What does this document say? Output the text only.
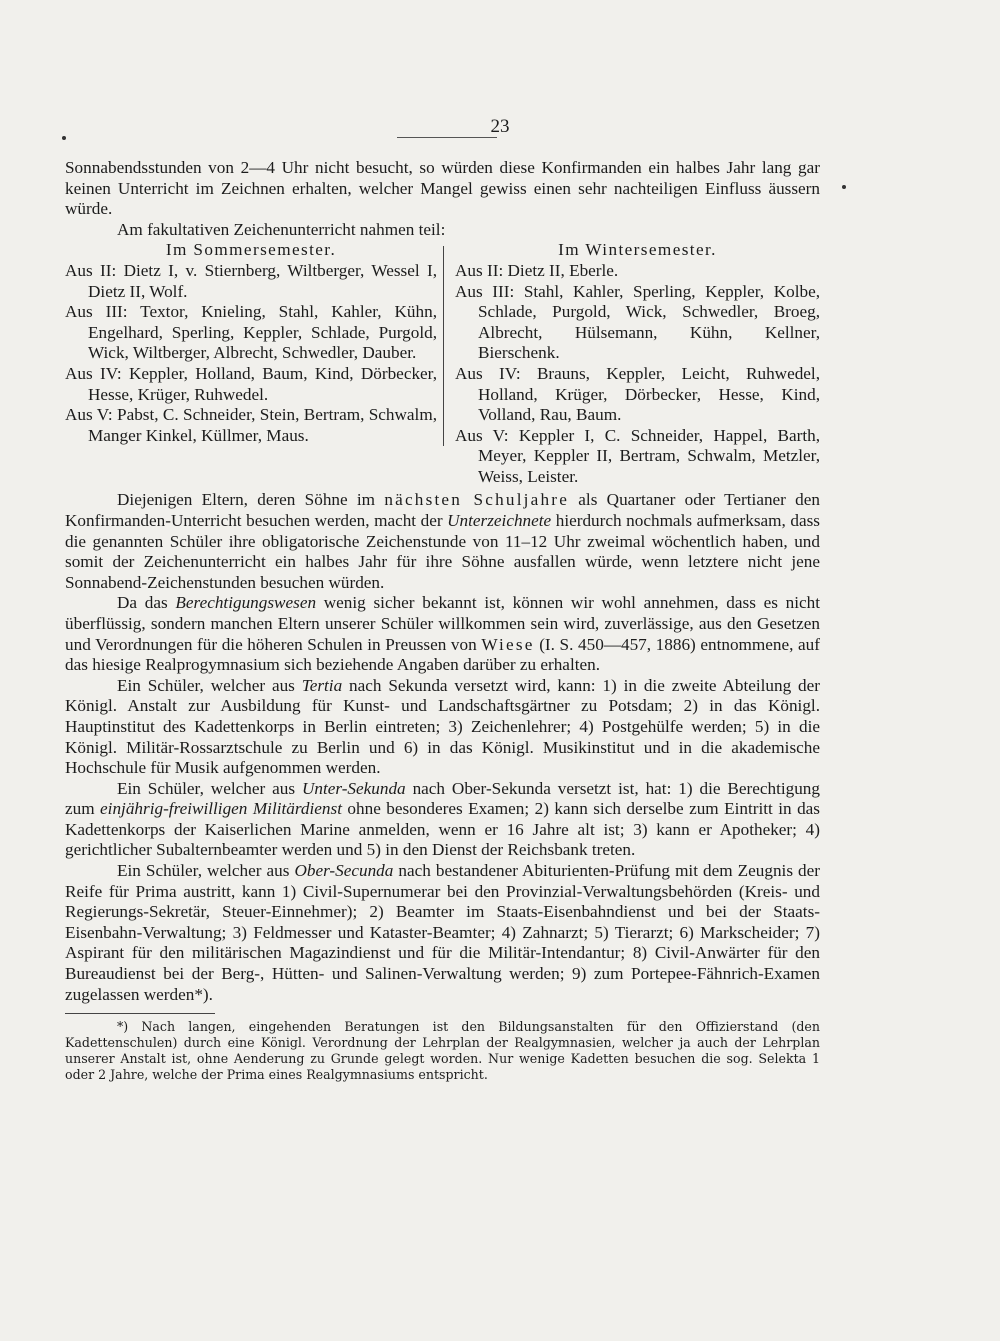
23

Sonnabendsstunden von 2—4 Uhr nicht besucht, so würden diese Konfirmanden ein halbes Jahr lang gar keinen Unterricht im Zeichnen erhalten, welcher Mangel gewiss einen sehr nachteiligen Einfluss äussern würde.

Am fakultativen Zeichenunterricht nahmen teil:

Im Sommersemester.

Aus II: Dietz I, v. Stiernberg, Wiltberger, Wessel I, Dietz II, Wolf.

Aus III: Textor, Knieling, Stahl, Kahler, Kühn, Engelhard, Sperling, Keppler, Schlade, Purgold, Wick, Wiltberger, Albrecht, Schwedler, Dauber.

Aus IV: Keppler, Holland, Baum, Kind, Dörbecker, Hesse, Krüger, Ruhwedel.

Aus V: Pabst, C. Schneider, Stein, Bertram, Schwalm, Manger Kinkel, Küllmer, Maus.

Im Wintersemester.

Aus II: Dietz II, Eberle.

Aus III: Stahl, Kahler, Sperling, Keppler, Kolbe, Schlade, Purgold, Wick, Schwedler, Broeg, Albrecht, Hülsemann, Kühn, Kellner, Bierschenk.

Aus IV: Brauns, Keppler, Leicht, Ruhwedel, Holland, Krüger, Dörbecker, Hesse, Kind, Volland, Rau, Baum.

Aus V: Keppler I, C. Schneider, Happel, Barth, Meyer, Keppler II, Bertram, Schwalm, Metzler, Weiss, Leister.

Diejenigen Eltern, deren Söhne im nächsten Schuljahre als Quartaner oder Tertianer den Konfirmanden-Unterricht besuchen werden, macht der Unterzeichnete hierdurch nochmals aufmerksam, dass die genannten Schüler ihre obligatorische Zeichenstunde von 11–12 Uhr zweimal wöchentlich haben, und somit der Zeichenunterricht ein halbes Jahr für ihre Söhne ausfallen würde, wenn letztere nicht jene Sonnabend-Zeichenstunden besuchen würden.

Da das Berechtigungswesen wenig sicher bekannt ist, können wir wohl annehmen, dass es nicht überflüssig, sondern manchen Eltern unserer Schüler willkommen sein wird, zuverlässige, aus den Gesetzen und Verordnungen für die höheren Schulen in Preussen von Wiese (I. S. 450—457, 1886) entnommene, auf das hiesige Realprogymnasium sich beziehende Angaben darüber zu erhalten.

Ein Schüler, welcher aus Tertia nach Sekunda versetzt wird, kann: 1) in die zweite Abteilung der Königl. Anstalt zur Ausbildung für Kunst- und Landschaftsgärtner zu Potsdam; 2) in das Königl. Hauptinstitut des Kadettenkorps in Berlin eintreten; 3) Zeichenlehrer; 4) Postgehülfe werden; 5) in die Königl. Militär-Rossarztschule zu Berlin und 6) in das Königl. Musikinstitut und in die akademische Hochschule für Musik aufgenommen werden.

Ein Schüler, welcher aus Unter-Sekunda nach Ober-Sekunda versetzt ist, hat: 1) die Berechtigung zum einjährig-freiwilligen Militärdienst ohne besonderes Examen; 2) kann sich derselbe zum Eintritt in das Kadettenkorps der Kaiserlichen Marine anmelden, wenn er 16 Jahre alt ist; 3) kann er Apotheker; 4) gerichtlicher Subalternbeamter werden und 5) in den Dienst der Reichsbank treten.

Ein Schüler, welcher aus Ober-Secunda nach bestandener Abiturienten-Prüfung mit dem Zeugnis der Reife für Prima austritt, kann 1) Civil-Supernumerar bei den Provinzial-Verwaltungsbehörden (Kreis- und Regierungs-Sekretär, Steuer-Einnehmer); 2) Beamter im Staats-Eisenbahndienst und bei der Staats-Eisenbahn-Verwaltung; 3) Feldmesser und Kataster-Beamter; 4) Zahnarzt; 5) Tierarzt; 6) Markscheider; 7) Aspirant für den militärischen Magazindienst und für die Militär-Intendantur; 8) Civil-Anwärter für den Bureaudienst bei der Berg-, Hütten- und Salinen-Verwaltung werden; 9) zum Portepee-Fähnrich-Examen zugelassen werden*).

*) Nach langen, eingehenden Beratungen ist den Bildungsanstalten für den Offizierstand (den Kadettenschulen) durch eine Königl. Verordnung der Lehrplan der Realgymnasien, welcher ja auch der Lehrplan unserer Anstalt ist, ohne Aenderung zu Grunde gelegt worden. Nur wenige Kadetten besuchen die sog. Selekta 1 oder 2 Jahre, welche der Prima eines Realgymnasiums entspricht.
